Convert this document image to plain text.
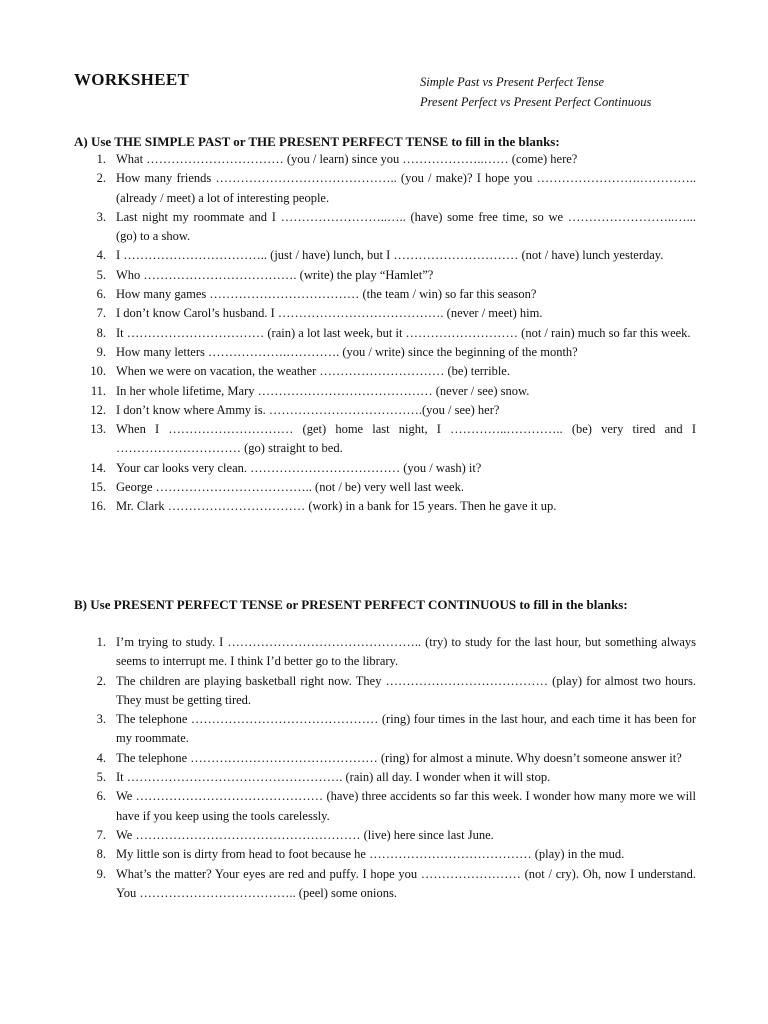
WORKSHEET	Simple Past vs Present Perfect Tense
Present Perfect vs Present Perfect Continuous
A) Use THE SIMPLE PAST or THE PRESENT PERFECT TENSE to fill in the blanks:
1. What …………………………… (you / learn) since you ………………..…… (come) here?
2. How many friends …………………………………….. (you / make)? I hope you …………………….………….. (already / meet) a lot of interesting people.
3. Last night my roommate and I ……………………..….. (have) some free time, so we ……………………..…... (go) to a show.
4. I …………………………….. (just / have) lunch, but I ………………………… (not / have) lunch yesterday.
5. Who ………………………………. (write) the play “Hamlet”?
6. How many games ……………………………… (the team / win) so far this season?
7. I don’t know Carol’s husband. I …………………………………. (never / meet) him.
8. It …………………………… (rain) a lot last week, but it ……………………… (not / rain) much so far this week.
9. How many letters ……………….…………. (you / write) since the beginning of the month?
10. When we were on vacation, the weather ………………………… (be) terrible.
11. In her whole lifetime, Mary …………………………………… (never / see) snow.
12. I don’t know where Ammy is. ……………………………….(you / see) her?
13. When I ………………………… (get) home last night, I …………..………….. (be) very tired and I ………………………… (go) straight to bed.
14. Your car looks very clean. ……………………………… (you / wash) it?
15. George ……………………………….. (not / be) very well last week.
16. Mr. Clark …………………………… (work) in a bank for 15 years. Then he gave it up.
B) Use PRESENT PERFECT TENSE or PRESENT PERFECT CONTINUOUS to fill in the blanks:
1. I’m trying to study. I ……………………………………….. (try) to study for the last hour, but something always seems to interrupt me. I think I’d better go to the library.
2. The children are playing basketball right now. They ………………………………… (play) for almost two hours. They must be getting tired.
3. The telephone ……………………………………… (ring) four times in the last hour, and each time it has been for my roommate.
4. The telephone ……………………………………… (ring) for almost a minute. Why doesn’t someone answer it?
5. It ……………………………………………. (rain) all day. I wonder when it will stop.
6. We ……………………………………… (have) three accidents so far this week. I wonder how many more we will have if you keep using the tools carelessly.
7. We ……………………………………………… (live) here since last June.
8. My little son is dirty from head to foot because he ………………………………… (play) in the mud.
9. What’s the matter? Your eyes are red and puffy. I hope you …………………… (not / cry). Oh, now I understand. You ……………………………….. (peel) some onions.
